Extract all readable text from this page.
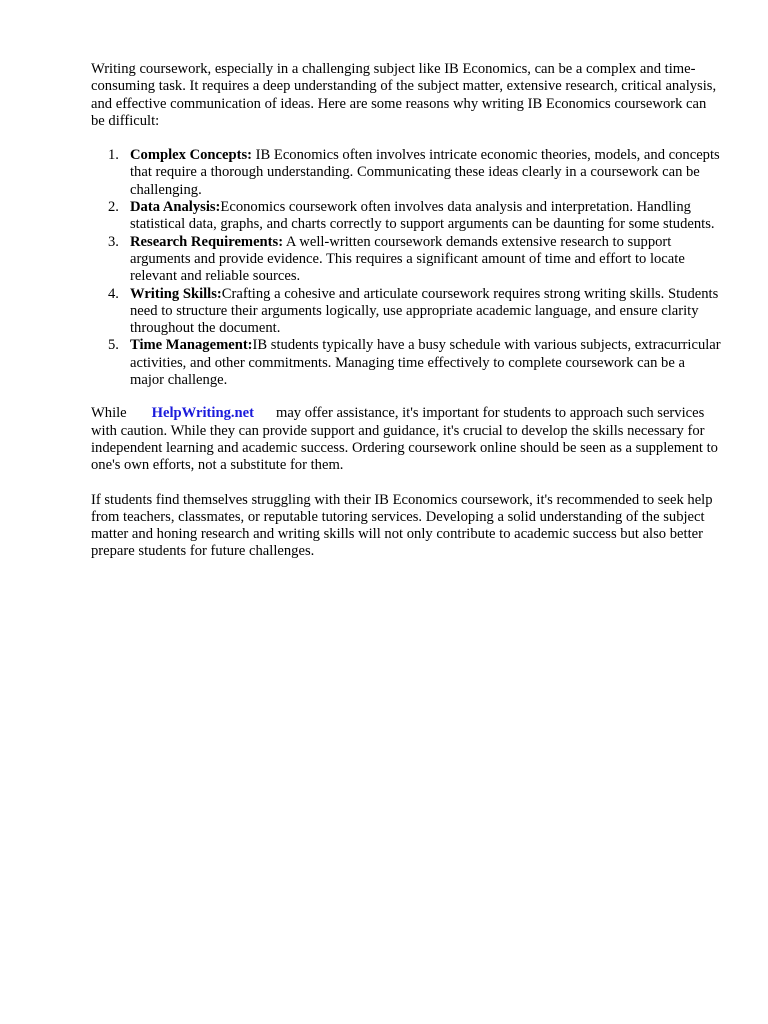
Writing coursework, especially in a challenging subject like IB Economics, can be a complex and time-consuming task. It requires a deep understanding of the subject matter, extensive research, critical analysis, and effective communication of ideas. Here are some reasons why writing IB Economics coursework can be difficult:

1. Complex Concepts: IB Economics often involves intricate economic theories, models, and concepts that require a thorough understanding. Communicating these ideas clearly in a coursework can be challenging.
2. Data Analysis:Economics coursework often involves data analysis and interpretation. Handling statistical data, graphs, and charts correctly to support arguments can be daunting for some students.
3. Research Requirements: A well-written coursework demands extensive research to support arguments and provide evidence. This requires a significant amount of time and effort to locate relevant and reliable sources.
4. Writing Skills:Crafting a cohesive and articulate coursework requires strong writing skills. Students need to structure their arguments logically, use appropriate academic language, and ensure clarity throughout the document.
5. Time Management:IB students typically have a busy schedule with various subjects, extracurricular activities, and other commitments. Managing time effectively to complete coursework can be a major challenge.

While HelpWriting.net may offer assistance, it's important for students to approach such services with caution. While they can provide support and guidance, it's crucial to develop the skills necessary for independent learning and academic success. Ordering coursework online should be seen as a supplement to one's own efforts, not a substitute for them.

If students find themselves struggling with their IB Economics coursework, it's recommended to seek help from teachers, classmates, or reputable tutoring services. Developing a solid understanding of the subject matter and honing research and writing skills will not only contribute to academic success but also better prepare students for future challenges.
